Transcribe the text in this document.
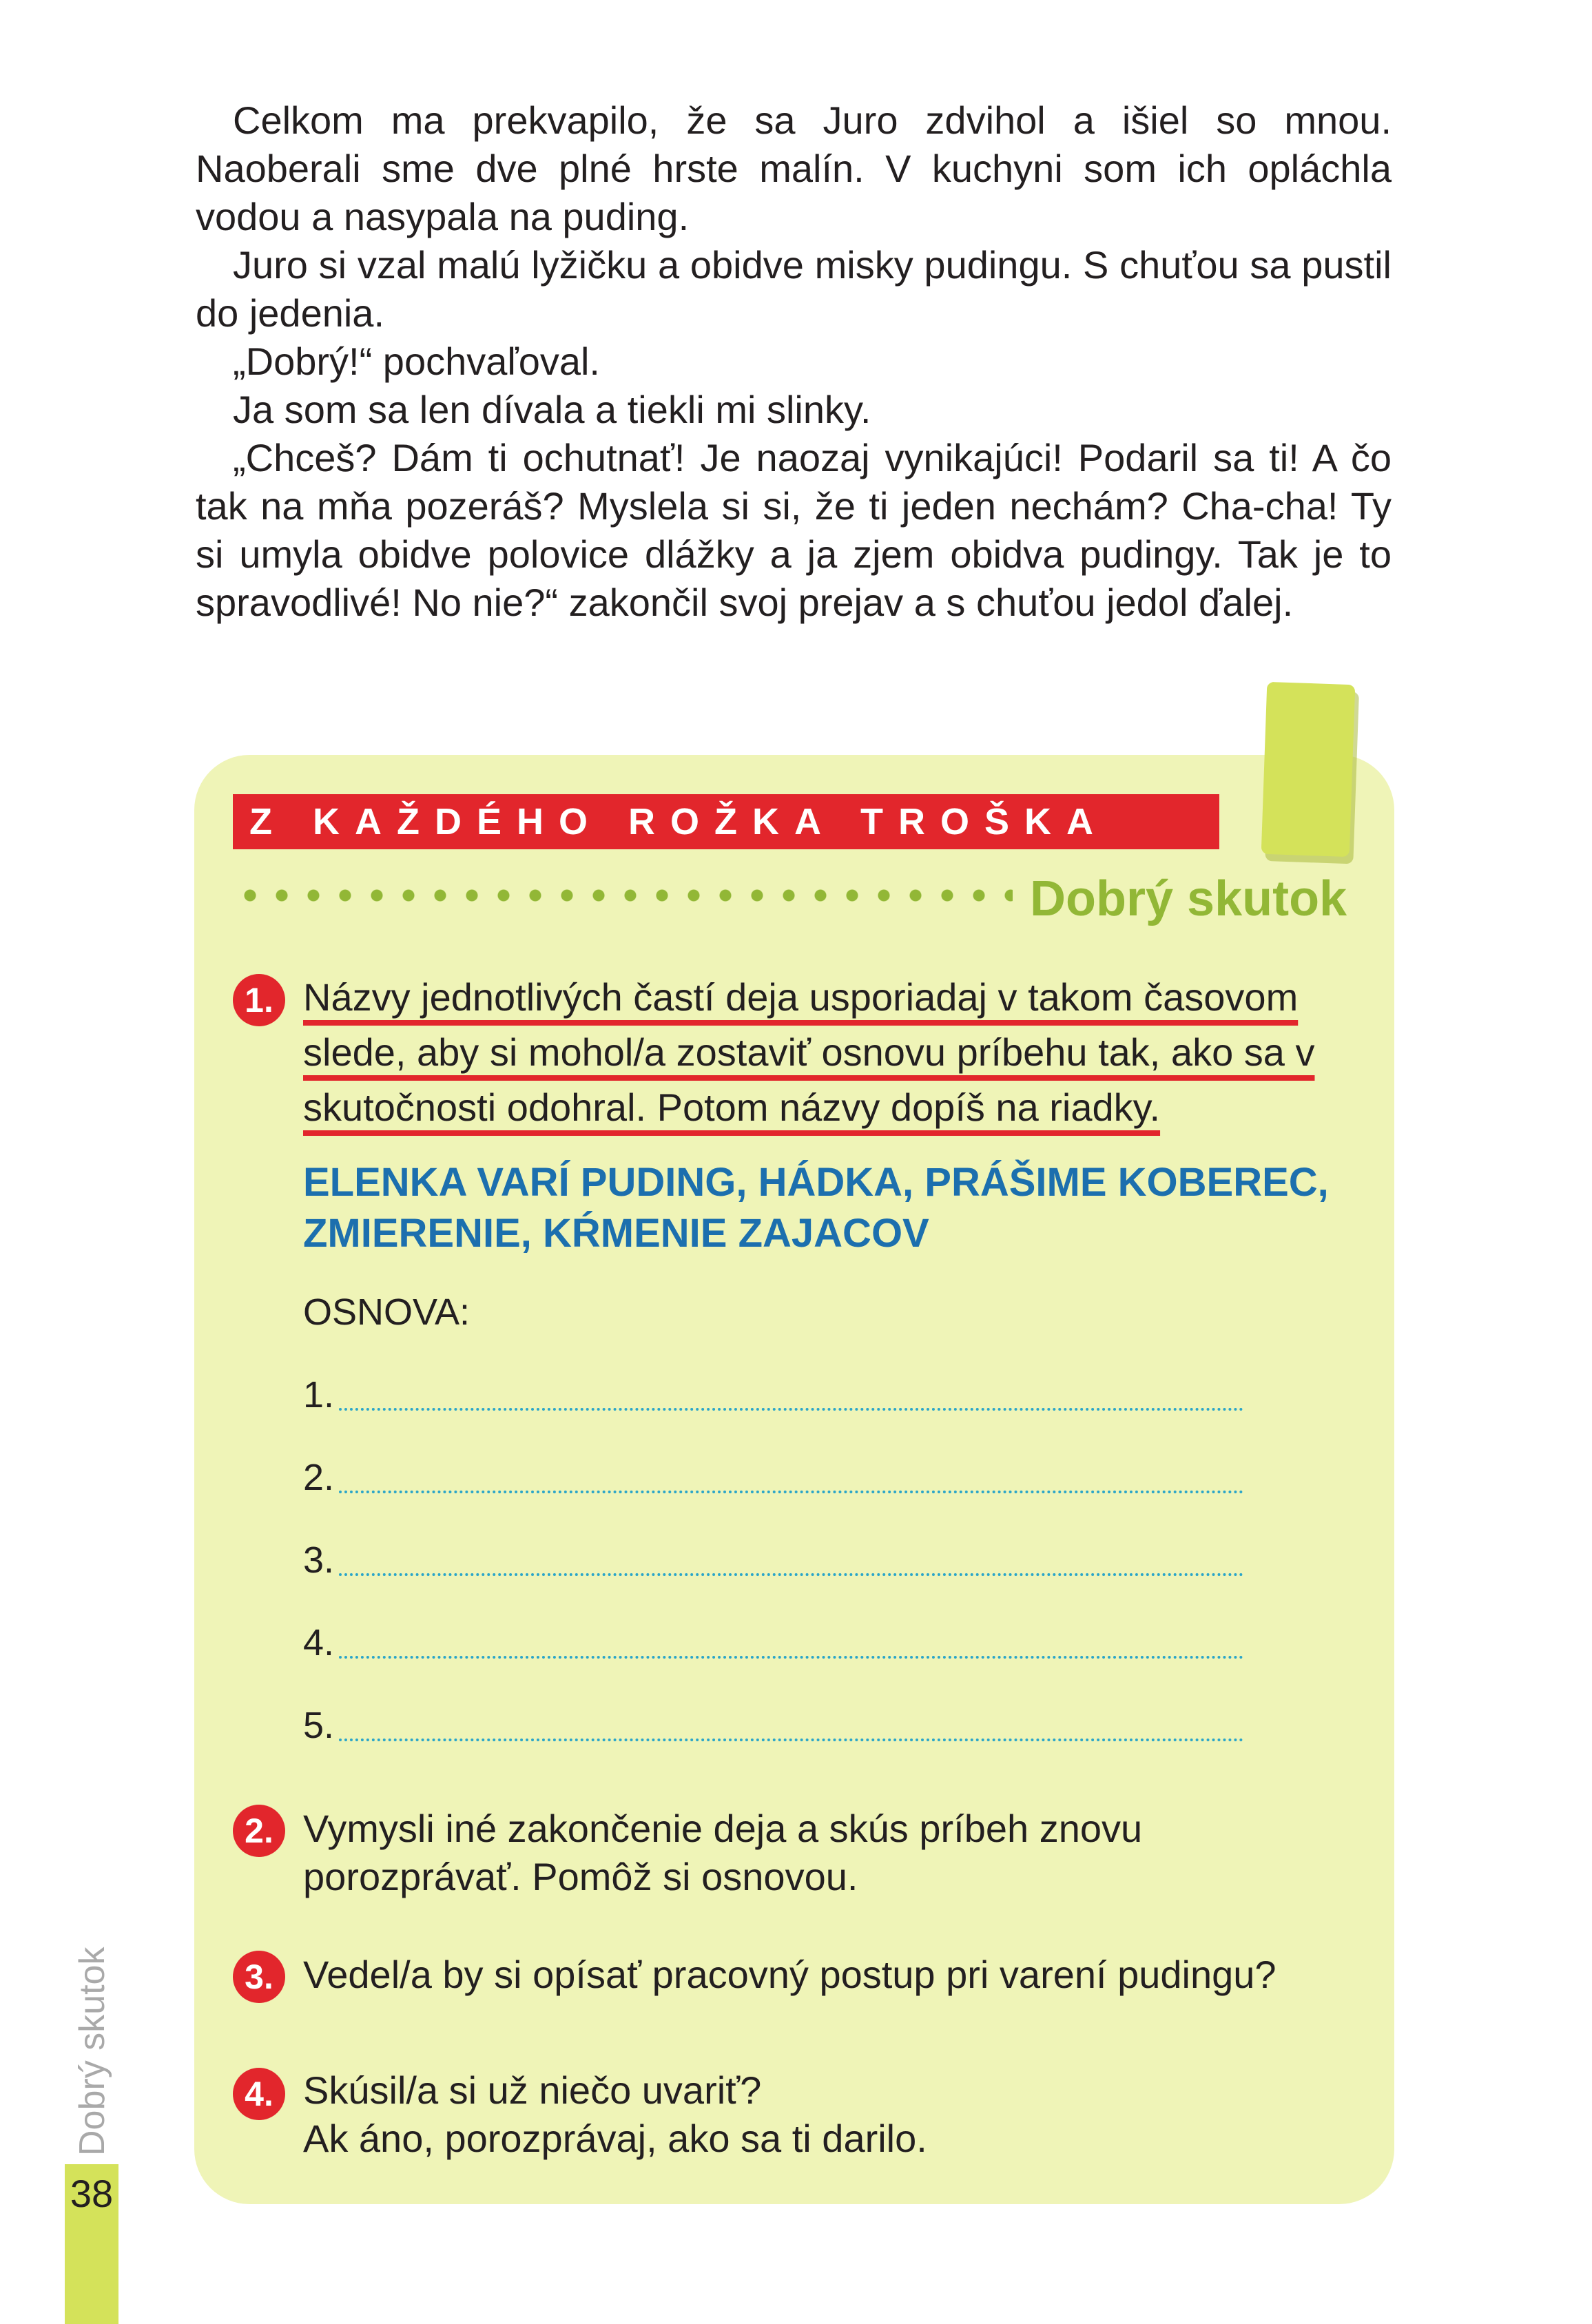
Celkom ma prekvapilo, že sa Juro zdvihol a išiel so mnou. Naoberali sme dve plné hrste malín. V kuchyni som ich opláchla vodou a nasypala na puding.

Juro si vzal malú lyžičku a obidve misky pudingu. S chuťou sa pustil do jedenia.

„Dobrý!“ pochvaľoval.

Ja som sa len dívala a tiekli mi slinky.

„Chceš? Dám ti ochutnať! Je naozaj vynikajúci! Podaril sa ti! A čo tak na mňa pozeráš? Myslela si si, že ti jeden nechám? Cha-cha! Ty si umyla obidve polovice dlážky a ja zjem obidva pudingy. Tak je to spravodlivé! No nie?“ zakončil svoj prejav a s chuťou jedol ďalej.

Z KAŽDÉHO ROŽKA TROŠKA
Dobrý skutok
1. Názvy jednotlivých častí deja usporiadaj v takom časovom slede, aby si mohol/a zostaviť osnovu príbehu tak, ako sa v skutočnosti odohral. Potom názvy dopíš na riadky.
ELENKA VARÍ PUDING, HÁDKA, PRÁŠIME KOBEREC, ZMIERENIE, KŔMENIE ZAJACOV
OSNOVA:
1.
2.
3.
4.
5.
2. Vymysli iné zakončenie deja a skús príbeh znovu porozprávať. Pomôž si osnovou.
3. Vedel/a by si opísať pracovný postup pri varení pudingu?
4. Skúsil/a si už niečo uvariť?
Ak áno, porozprávaj, ako sa ti darilo.
Dobrý skutok
38
